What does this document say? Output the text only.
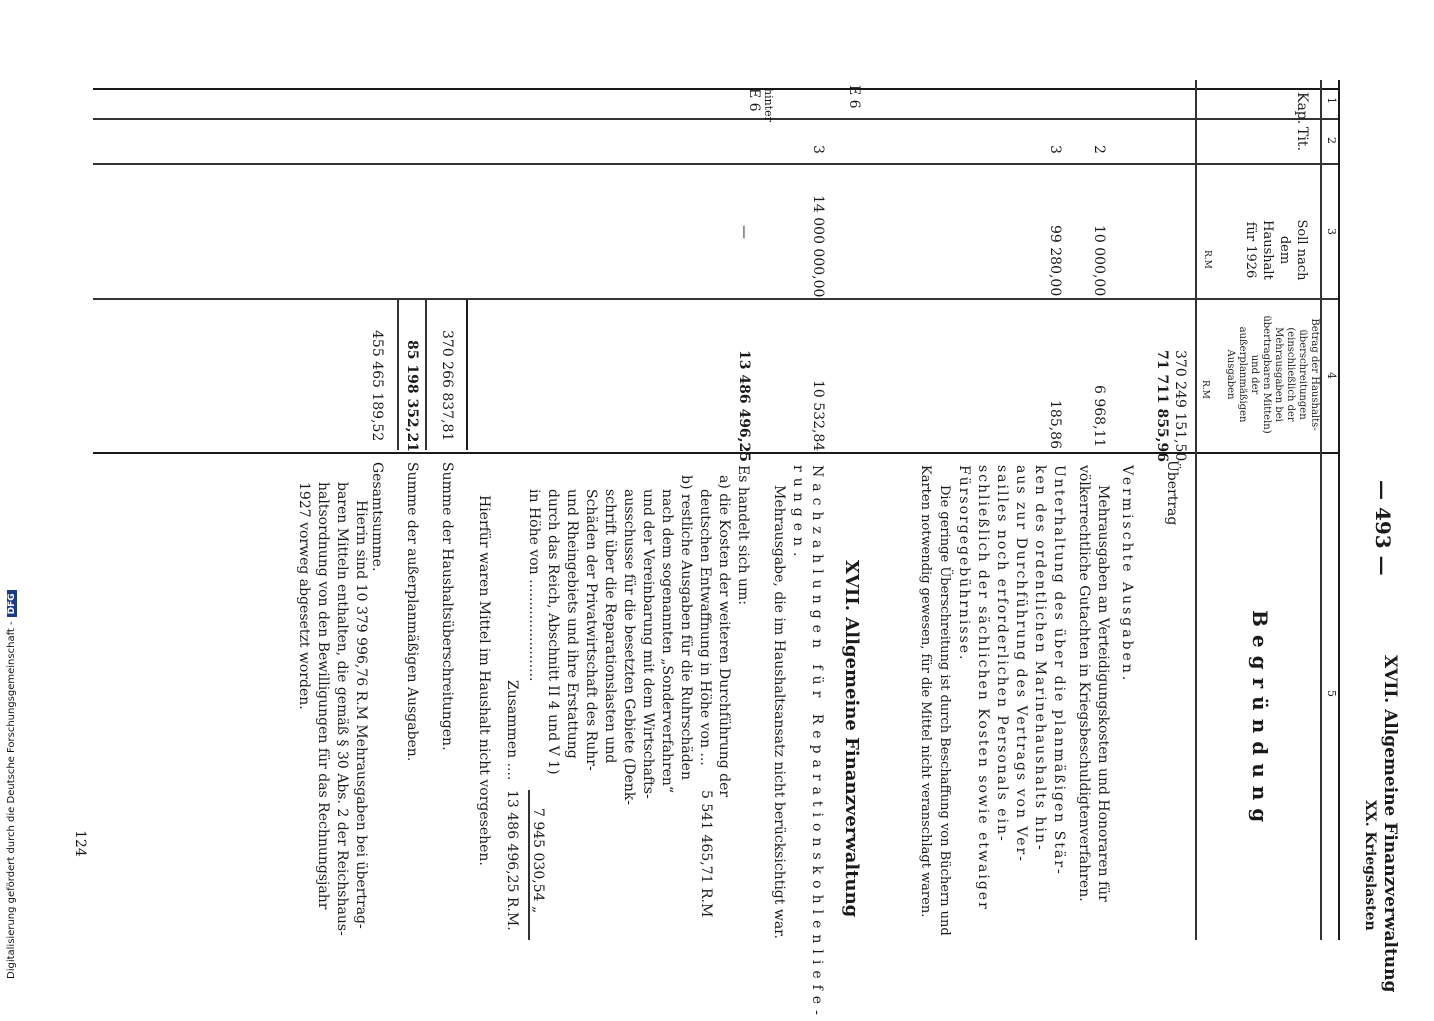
— 493 —
XVII. Allgemeine Finanzverwaltung
XX. Kriegslasten
1
2
3
4
5
Kap.
Tit.

Soll nach dem Haushalt für 1926

R.M

Betrag der Haushalts-überschreitungen (einschließlich der Mehrausgaben bei übertragbaren Mitteln) und der außerplanmäßigen Ausgaben

R.M
Begründung
370 249 151,50
71 711 855,96
Übertrag
Vermischte Ausgaben.
2
10 000,00
6 968,11

Mehrausgaben an Verteidigungskosten und Honoraren für

völkerrechtliche Gutachten in Kriegsbeschuldigtenverfahren.

3
99 280,00
185,86

Unterhaltung des über die planmäßigen Stär-

ken des ordentlichen Marinehaushalts hin-

aus zur Durchführung des Vertrags von Ver-

sailles noch erforderlichen Personals ein-

schließlich der sächlichen Kosten sowie etwaiger

Fürsorgegebührnisse.

Die geringe Überschreitung ist durch Beschaffung von Büchern und

Karten notwendig gewesen, für die Mittel nicht veranschlagt waren.

XVII. Allgemeine Finanzverwaltung
E 6
3
14 000 000,00
10 532,84

Nachzahlungen für Reparationskohlenliefe-

rungen.

Mehrausgabe, die im Haushaltsansatz nicht berücksichtigt war.

hinter
E 6
—
13 486 496,25

Es handelt sich um:

a) die Kosten der weiteren Durchführung der

deutschen Entwaffnung in Höhe von ...

b) restliche Ausgaben für die Ruhrschäden

nach dem sogenannten „Sonderverfahren“

und der Vereinbarung mit dem Wirtschafts-

ausschusse für die besetzten Gebiete (Denk-

schrift über die Reparationslasten und

Schäden der Privatwirtschaft des Ruhr-

und Rheingebiets und ihre Erstattung

durch das Reich, Abschnitt II 4 und V 1)

in Höhe von .......................

5 541 465,71 R.M
7 945 030,54 „
Zusammen ....
13 486 496,25 R.M.
Hierfür waren Mittel im Haushalt nicht vorgesehen.
370 266 837,81
Summe der Haushaltsüberschreitungen.
85 198 352,21
Summe der außerplanmäßigen Ausgaben.
455 465 189,52
Gesamtsumme.

Hierin sind 10 379 996,76 R.M Mehrausgaben bei übertrag-

baren Mitteln enthalten, die gemäß § 30 Abs. 2 der Reichshaus-

haltsordnung von den Bewilligungen für das Rechnungsjahr

1927 vorweg abgesetzt worden.

124
Digitalisierung gefördert durch die Deutsche Forschungsgemeinschaft -DFG
